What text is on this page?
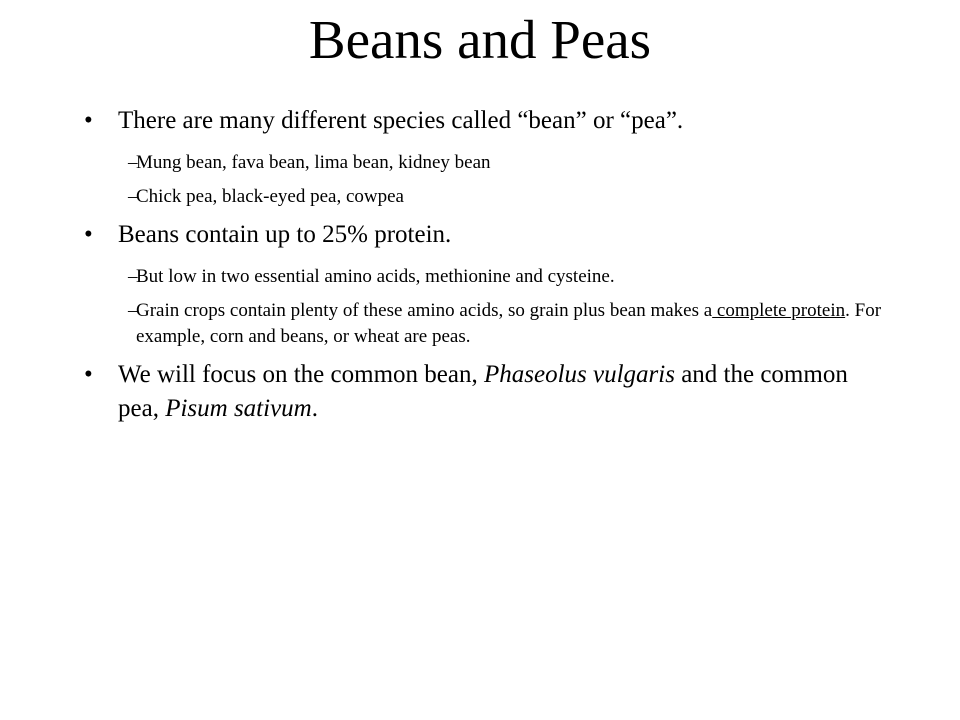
Beans and Peas
• There are many different species called “bean” or “pea”.
–
Mung bean, fava bean, lima bean, kidney bean
–
Chick pea, black-eyed pea, cowpea
• Beans contain up to 25% protein.
–
But low in two essential amino acids, methionine and cysteine.
–
Grain crops contain plenty of these amino acids, so grain plus bean makes a complete protein. For example, corn and beans, or wheat are peas.
• We will focus on the common bean, Phaseolus vulgaris and the common pea, Pisum sativum.
